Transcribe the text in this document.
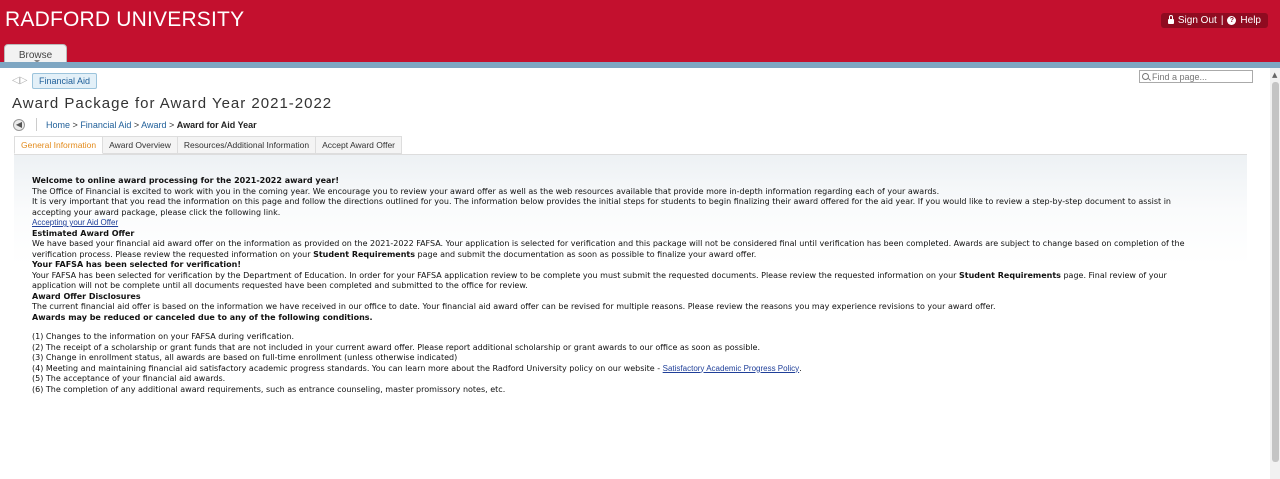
RADFORD UNIVERSITY	Sign Out | ? Help
Browse
◁▷	Financial Aid
Find a page...
Award Package for Award Year 2021-2022
◀	Home > Financial Aid > Award > Award for Aid Year
General Information	Award Overview	Resources/Additional Information	Accept Award Offer

Welcome to online award processing for the 2021-2022 award year!

The Office of Financial is excited to work with you in the coming year. We encourage you to review your award offer as well as the web resources available that provide more in-depth information regarding each of your awards.

It is very important that you read the information on this page and follow the directions outlined for you. The information below provides the initial steps for students to begin finalizing their award offered for the aid year. If you would like to review a step-by-step document to assist in accepting your award package, please click the following link.

Accepting your Aid Offer

Estimated Award Offer

We have based your financial aid award offer on the information as provided on the 2021-2022 FAFSA. Your application is selected for verification and this package will not be considered final until verification has been completed. Awards are subject to change based on completion of the verification process. Please review the requested information on your Student Requirements page and submit the documentation as soon as possible to finalize your award offer.

Your FAFSA has been selected for verification!

Your FAFSA has been selected for verification by the Department of Education. In order for your FAFSA application review to be complete you must submit the requested documents. Please review the requested information on your Student Requirements page. Final review of your application will not be complete until all documents requested have been completed and submitted to the office for review.

Award Offer Disclosures

The current financial aid offer is based on the information we have received in our office to date. Your financial aid award offer can be revised for multiple reasons. Please review the reasons you may experience revisions to your award offer.

Awards may be reduced or canceled due to any of the following conditions.

(1) Changes to the information on your FAFSA during verification.

(2) The receipt of a scholarship or grant funds that are not included in your current award offer. Please report additional scholarship or grant awards to our office as soon as possible.

(3) Change in enrollment status, all awards are based on full-time enrollment (unless otherwise indicated)

(4) Meeting and maintaining financial aid satisfactory academic progress standards. You can learn more about the Radford University policy on our website - Satisfactory Academic Progress Policy.

(5) The acceptance of your financial aid awards.

(6) The completion of any additional award requirements, such as entrance counseling, master promissory notes, etc.

▲
